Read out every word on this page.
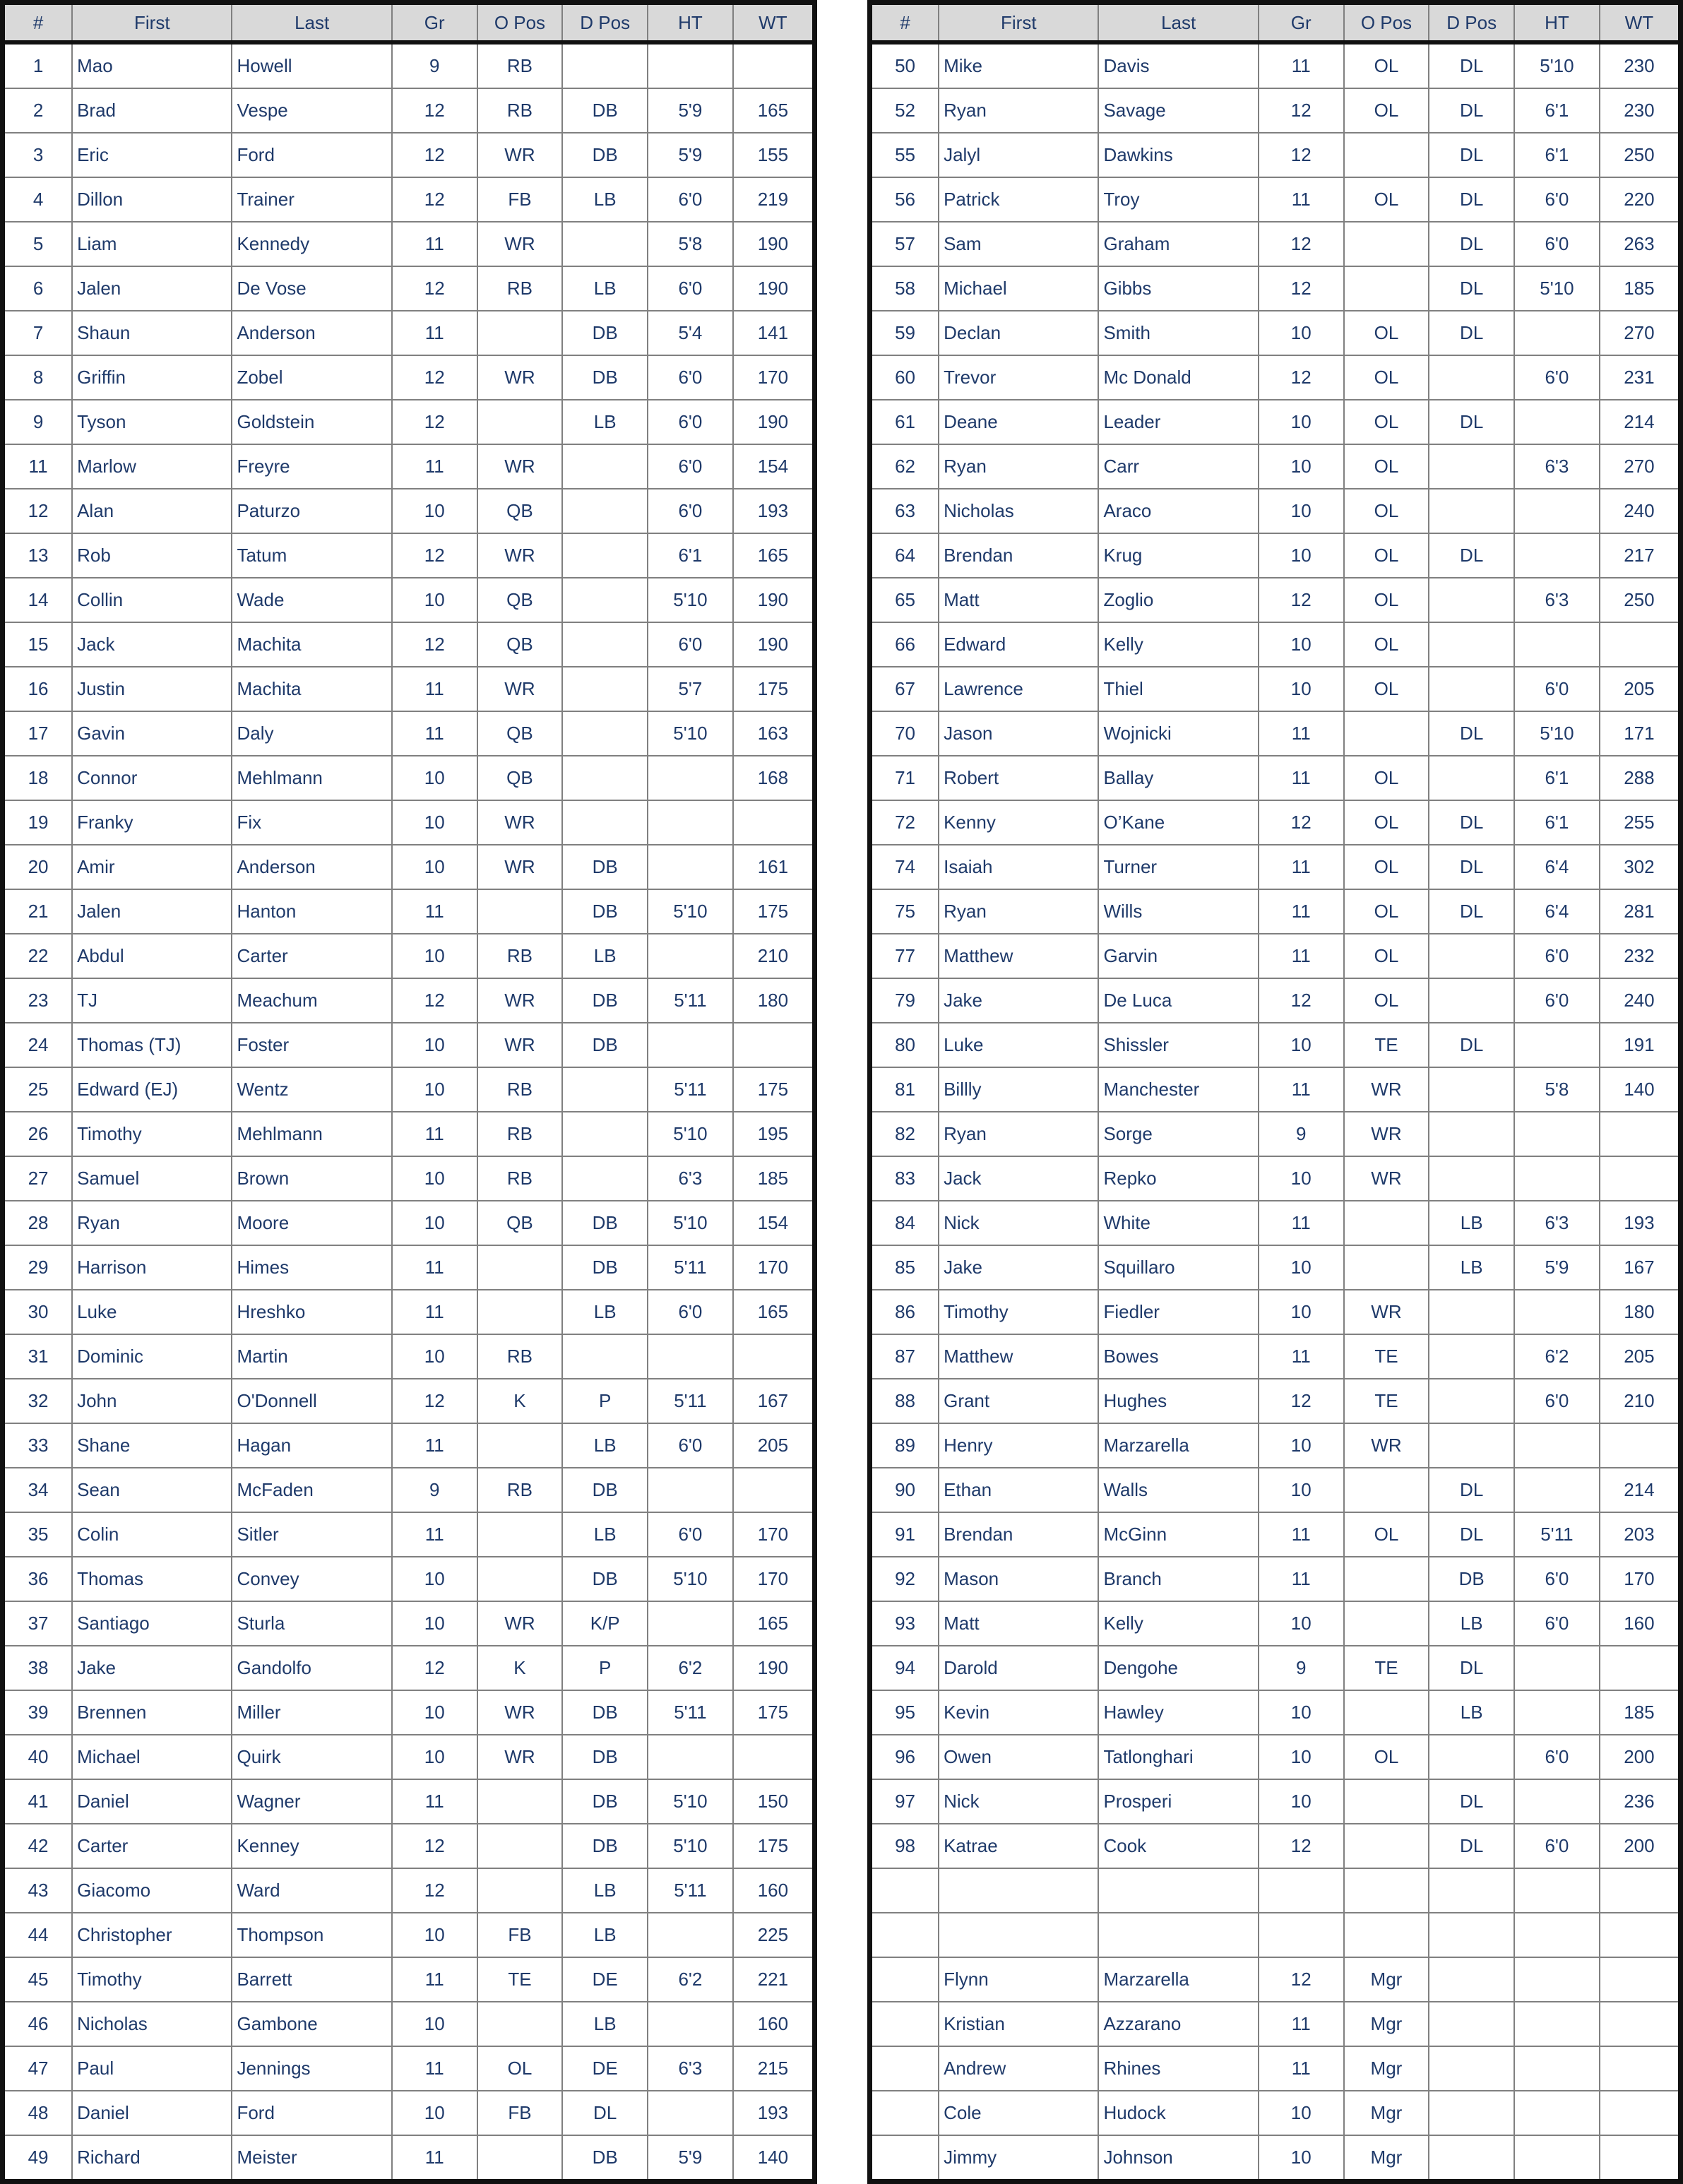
#	First	Last	Gr	O Pos	D Pos	HT	WT
1	Mao	Howell	9	RB			
2	Brad	Vespe	12	RB	DB	5'9	165
3	Eric	Ford	12	WR	DB	5'9	155
4	Dillon	Trainer	12	FB	LB	6'0	219
5	Liam	Kennedy	11	WR		5'8	190
6	Jalen	De Vose	12	RB	LB	6'0	190
7	Shaun	Anderson	11		DB	5'4	141
8	Griffin	Zobel	12	WR	DB	6'0	170
9	Tyson	Goldstein	12		LB	6'0	190
11	Marlow	Freyre	11	WR		6'0	154
12	Alan	Paturzo	10	QB		6'0	193
13	Rob	Tatum	12	WR		6'1	165
14	Collin	Wade	10	QB		5'10	190
15	Jack	Machita	12	QB		6'0	190
16	Justin	Machita	11	WR		5'7	175
17	Gavin	Daly	11	QB		5'10	163
18	Connor	Mehlmann	10	QB			168
19	Franky	Fix	10	WR			
20	Amir	Anderson	10	WR	DB		161
21	Jalen	Hanton	11		DB	5'10	175
22	Abdul	Carter	10	RB	LB		210
23	TJ	Meachum	12	WR	DB	5'11	180
24	Thomas (TJ)	Foster	10	WR	DB		
25	Edward (EJ)	Wentz	10	RB		5'11	175
26	Timothy	Mehlmann	11	RB		5'10	195
27	Samuel	Brown	10	RB		6'3	185
28	Ryan	Moore	10	QB	DB	5'10	154
29	Harrison	Himes	11		DB	5'11	170
30	Luke	Hreshko	11		LB	6'0	165
31	Dominic	Martin	10	RB			
32	John	O'Donnell	12	K	P	5'11	167
33	Shane	Hagan	11		LB	6'0	205
34	Sean	McFaden	9	RB	DB		
35	Colin	Sitler	11		LB	6'0	170
36	Thomas	Convey	10		DB	5'10	170
37	Santiago	Sturla	10	WR	K/P		165
38	Jake	Gandolfo	12	K	P	6'2	190
39	Brennen	Miller	10	WR	DB	5'11	175
40	Michael	Quirk	10	WR	DB		
41	Daniel	Wagner	11		DB	5'10	150
42	Carter	Kenney	12		DB	5'10	175
43	Giacomo	Ward	12		LB	5'11	160
44	Christopher	Thompson	10	FB	LB		225
45	Timothy	Barrett	11	TE	DE	6'2	221
46	Nicholas	Gambone	10		LB		160
47	Paul	Jennings	11	OL	DE	6'3	215
48	Daniel	Ford	10	FB	DL		193
49	Richard	Meister	11		DB	5'9	140
#	First	Last	Gr	O Pos	D Pos	HT	WT
50	Mike	Davis	11	OL	DL	5'10	230
52	Ryan	Savage	12	OL	DL	6'1	230
55	Jalyl	Dawkins	12		DL	6'1	250
56	Patrick	Troy	11	OL	DL	6'0	220
57	Sam	Graham	12		DL	6'0	263
58	Michael	Gibbs	12		DL	5'10	185
59	Declan	Smith	10	OL	DL		270
60	Trevor	Mc Donald	12	OL		6'0	231
61	Deane	Leader	10	OL	DL		214
62	Ryan	Carr	10	OL		6'3	270
63	Nicholas	Araco	10	OL			240
64	Brendan	Krug	10	OL	DL		217
65	Matt	Zoglio	12	OL		6'3	250
66	Edward	Kelly	10	OL			
67	Lawrence	Thiel	10	OL		6'0	205
70	Jason	Wojnicki	11		DL	5'10	171
71	Robert	Ballay	11	OL		6'1	288
72	Kenny	O’Kane	12	OL	DL	6'1	255
74	Isaiah	Turner	11	OL	DL	6'4	302
75	Ryan	Wills	11	OL	DL	6'4	281
77	Matthew	Garvin	11	OL		6'0	232
79	Jake	De Luca	12	OL		6'0	240
80	Luke	Shissler	10	TE	DL		191
81	Billly	Manchester	11	WR		5'8	140
82	Ryan	Sorge	9	WR			
83	Jack	Repko	10	WR			
84	Nick	White	11		LB	6'3	193
85	Jake	Squillaro	10		LB	5'9	167
86	Timothy	Fiedler	10	WR			180
87	Matthew	Bowes	11	TE		6'2	205
88	Grant	Hughes	12	TE		6'0	210
89	Henry	Marzarella	10	WR			
90	Ethan	Walls	10		DL		214
91	Brendan	McGinn	11	OL	DL	5'11	203
92	Mason	Branch	11		DB	6'0	170
93	Matt	Kelly	10		LB	6'0	160
94	Darold	Dengohe	9	TE	DL		
95	Kevin	Hawley	10		LB		185
96	Owen	Tatlonghari	10	OL		6'0	200
97	Nick	Prosperi	10		DL		236
98	Katrae	Cook	12		DL	6'0	200

	Flynn	Marzarella	12	Mgr			
	Kristian	Azzarano	11	Mgr			
	Andrew	Rhines	11	Mgr			
	Cole	Hudock	10	Mgr			
	Jimmy	Johnson	10	Mgr			
